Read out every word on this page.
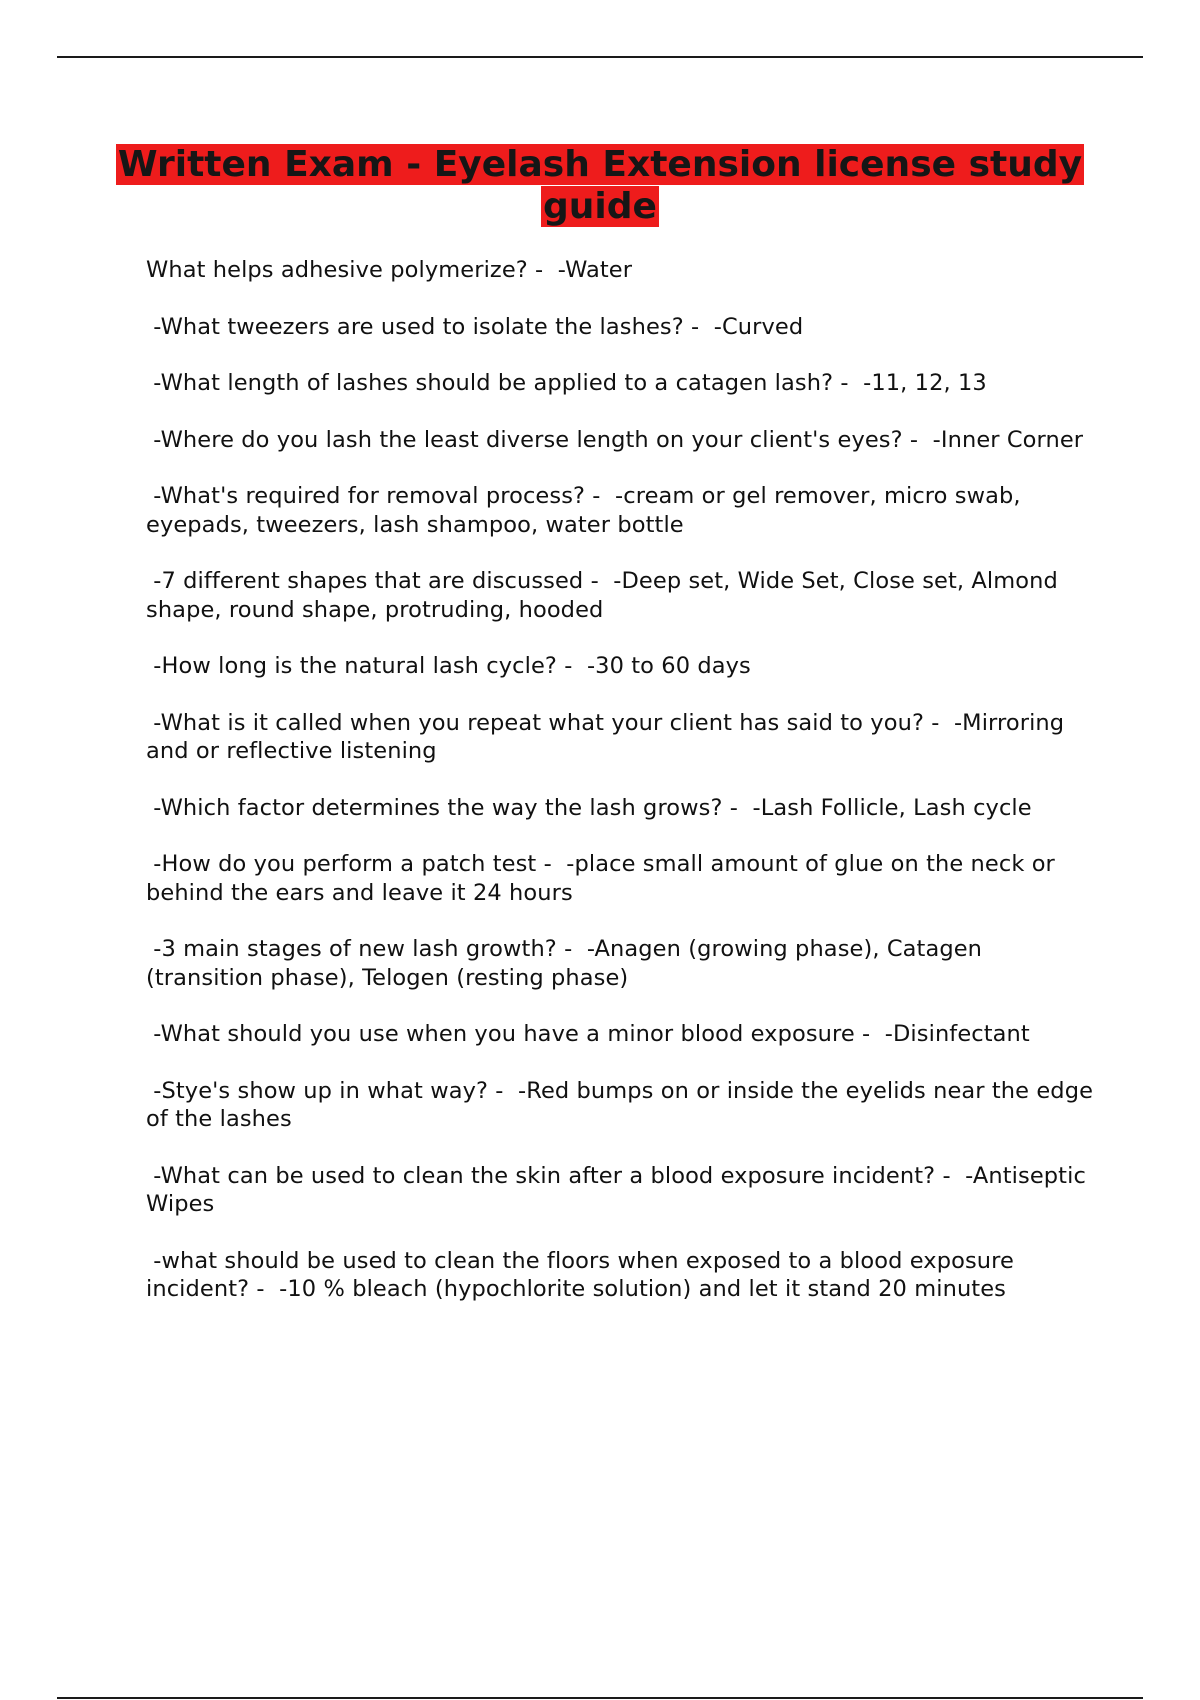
Written Exam - Eyelash Extension license study guide
What helps adhesive polymerize? -  -Water
-What tweezers are used to isolate the lashes? -  -Curved
-What length of lashes should be applied to a catagen lash? -  -11, 12, 13
-Where do you lash the least diverse length on your client's eyes? -  -Inner Corner
-What's required for removal process? -  -cream or gel remover, micro swab, eyepads, tweezers, lash shampoo, water bottle
-7 different shapes that are discussed -  -Deep set, Wide Set, Close set, Almond shape, round shape, protruding, hooded
-How long is the natural lash cycle? -  -30 to 60 days
-What is it called when you repeat what your client has said to you? -  -Mirroring and or reflective listening
-Which factor determines the way the lash grows? -  -Lash Follicle, Lash cycle
-How do you perform a patch test -  -place small amount of glue on the neck or behind the ears and leave it 24 hours
-3 main stages of new lash growth? -  -Anagen (growing phase), Catagen (transition phase), Telogen (resting phase)
-What should you use when you have a minor blood exposure -  -Disinfectant
-Stye's show up in what way? -  -Red bumps on or inside the eyelids near the edge of the lashes
-What can be used to clean the skin after a blood exposure incident? -  -Antiseptic Wipes
-what should be used to clean the floors when exposed to a blood exposure incident? -  -10 % bleach (hypochlorite solution) and let it stand 20 minutes
